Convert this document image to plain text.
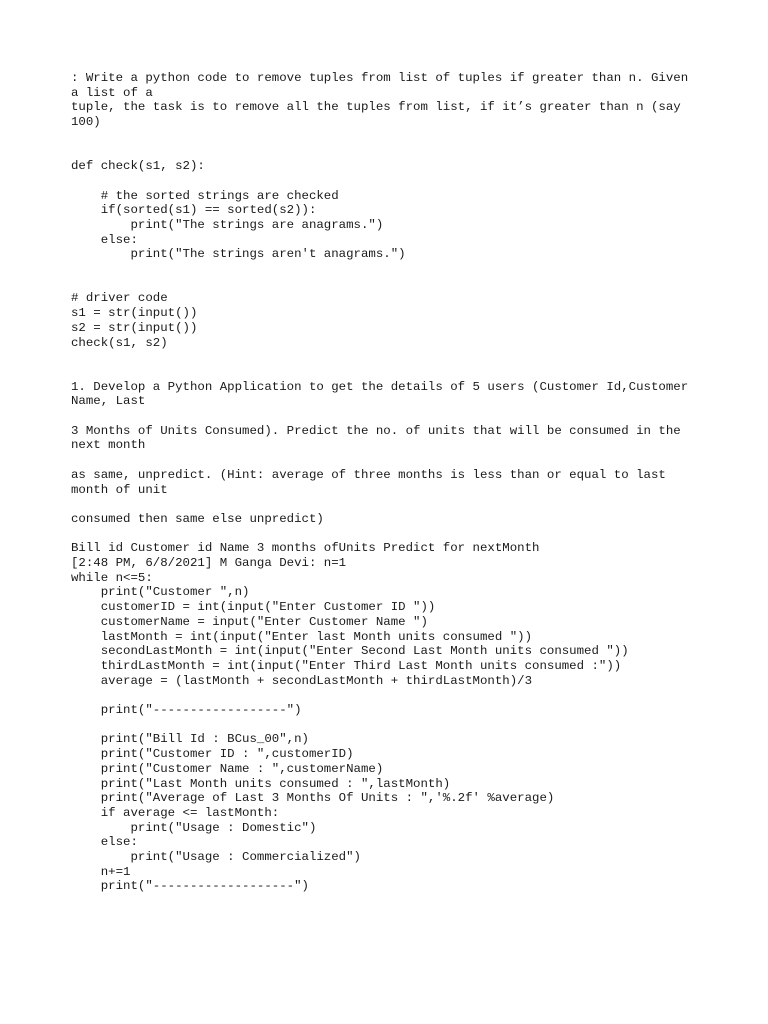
: Write a python code to remove tuples from list of tuples if greater than n. Given
a list of a
tuple, the task is to remove all the tuples from list, if it’s greater than n (say
100)
def check(s1, s2):
# the sorted strings are checked
if(sorted(s1) == sorted(s2)):
print("The strings are anagrams.")
else:
print("The strings aren't anagrams.")
# driver code
s1 = str(input())
s2 = str(input())
check(s1, s2)
1. Develop a Python Application to get the details of 5 users (Customer Id,Customer
Name, Last
3 Months of Units Consumed). Predict the no. of units that will be consumed in the
next month
as same, unpredict. (Hint: average of three months is less than or equal to last
month of unit
consumed then same else unpredict)
Bill id Customer id Name 3 months ofUnits Predict for nextMonth
[2:48 PM, 6/8/2021] M Ganga Devi: n=1
while n<=5:
print("Customer ",n)
customerID = int(input("Enter Customer ID "))
customerName = input("Enter Customer Name ")
lastMonth = int(input("Enter last Month units consumed "))
secondLastMonth = int(input("Enter Second Last Month units consumed "))
thirdLastMonth = int(input("Enter Third Last Month units consumed :"))
average = (lastMonth + secondLastMonth + thirdLastMonth)/3
print("------------------")
print("Bill Id : BCus_00",n)
print("Customer ID : ",customerID)
print("Customer Name : ",customerName)
print("Last Month units consumed : ",lastMonth)
print("Average of Last 3 Months Of Units : ",'%.2f' %average)
if average <= lastMonth:
print("Usage : Domestic")
else:
print("Usage : Commercialized")
n+=1
print("-------------------")
